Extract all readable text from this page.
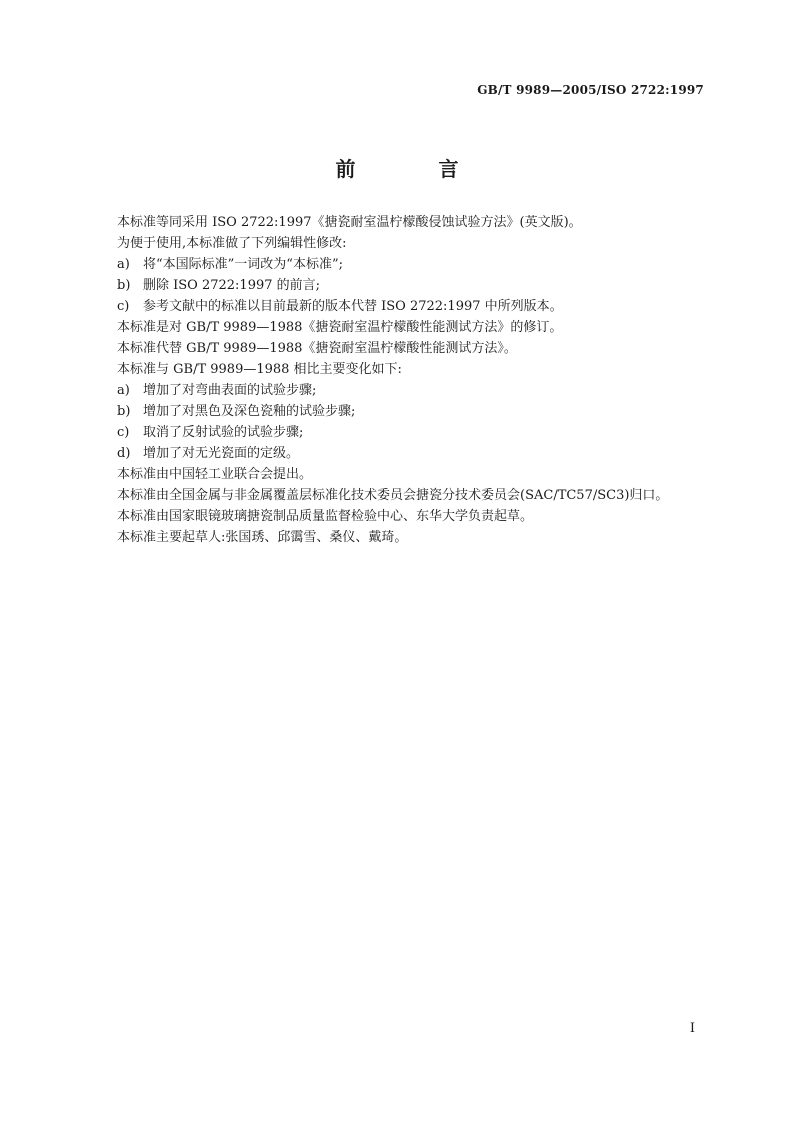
GB/T 9989—2005/ISO 2722:1997
前 言
本标准等同采用 ISO 2722:1997《搪瓷耐室温柠檬酸侵蚀试验方法》(英文版)。
为便于使用,本标准做了下列编辑性修改:
a)	将“本国际标准”一词改为“本标准”;
b) 删除 ISO 2722:1997 的前言;
c)	参考文献中的标准以目前最新的版本代替 ISO 2722:1997 中所列版本。
本标准是对 GB/T 9989—1988《搪瓷耐室温柠檬酸性能测试方法》的修订。
本标准代替 GB/T 9989—1988《搪瓷耐室温柠檬酸性能测试方法》。
本标准与 GB/T 9989—1988 相比主要变化如下:
a)	增加了对弯曲表面的试验步骤;
b) 增加了对黑色及深色瓷釉的试验步骤;
c)	取消了反射试验的试验步骤;
d) 增加了对无光瓷面的定级。
本标准由中国轻工业联合会提出。
本标准由全国金属与非金属覆盖层标准化技术委员会搪瓷分技术委员会(SAC/TC57/SC3)归口。
本标准由国家眼镜玻璃搪瓷制品质量监督检验中心、东华大学负责起草。
本标准主要起草人:张国琇、邱霭雪、桑仪、戴琦。
I
